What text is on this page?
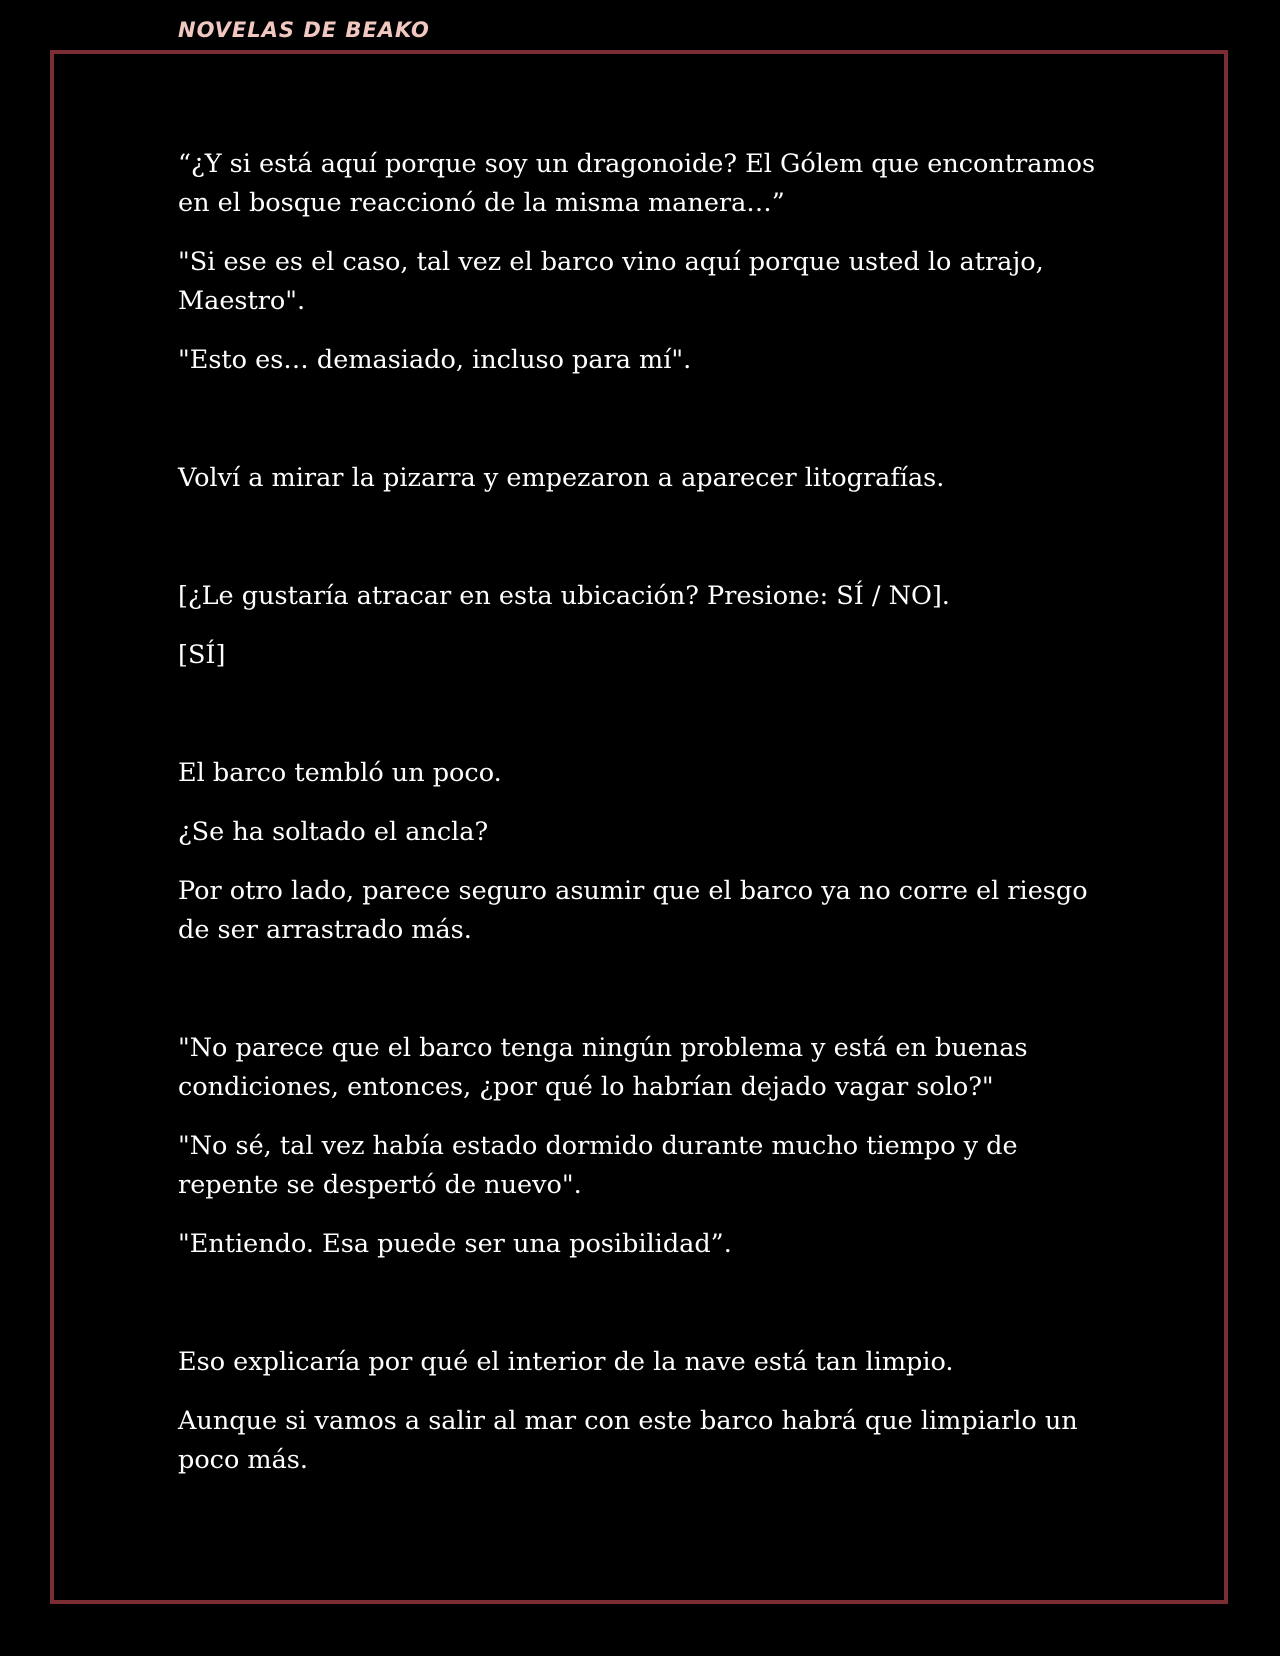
NOVELAS DE BEAKO

“¿Y si está aquí porque soy un dragonoide? El Gólem que encontramos en el bosque reaccionó de la misma manera…”

"Si ese es el caso, tal vez el barco vino aquí porque usted lo atrajo, Maestro".

"Esto es… demasiado, incluso para mí".

Volví a mirar la pizarra y empezaron a aparecer litografías.

[¿Le gustaría atracar en esta ubicación? Presione: SÍ / NO].

[SÍ]

El barco tembló un poco.

¿Se ha soltado el ancla?

Por otro lado, parece seguro asumir que el barco ya no corre el riesgo de ser arrastrado más.

"No parece que el barco tenga ningún problema y está en buenas condiciones, entonces, ¿por qué lo habrían dejado vagar solo?"

"No sé, tal vez había estado dormido durante mucho tiempo y de repente se despertó de nuevo".

"Entiendo. Esa puede ser una posibilidad”.

Eso explicaría por qué el interior de la nave está tan limpio.

Aunque si vamos a salir al mar con este barco habrá que limpiarlo un poco más.
